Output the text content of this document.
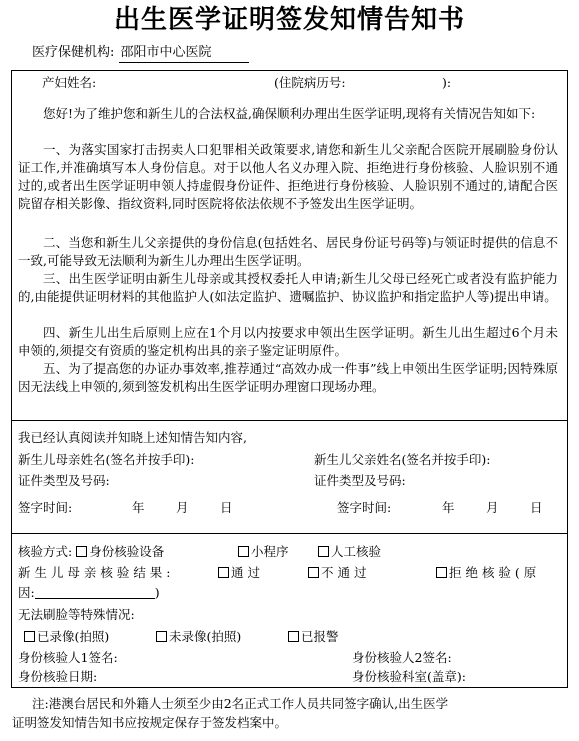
出生医学证明签发知情告知书
医疗保健机构: 邵阳市中心医院
产妇姓名:	(住院病历号:	):
您好!为了维护您和新生儿的合法权益,确保顺利办理出生医学证明,现将有关情况告知如下:
一、为落实国家打击拐卖人口犯罪相关政策要求,请您和新生儿父亲配合医院开展刷脸身份认证工作,并准确填写本人身份信息。对于以他人名义办理入院、拒绝进行身份核验、人脸识别不通过的,或者出生医学证明申领人持虚假身份证件、拒绝进行身份核验、人脸识别不通过的,请配合医院留存相关影像、指纹资料,同时医院将依法依规不予签发出生医学证明。
二、当您和新生儿父亲提供的身份信息(包括姓名、居民身份证号码等)与领证时提供的信息不一致,可能导致无法顺利为新生儿办理出生医学证明。
三、出生医学证明由新生儿母亲或其授权委托人申请;新生儿父母已经死亡或者没有监护能力的,由能提供证明材料的其他监护人(如法定监护、遗嘱监护、协议监护和指定监护人等)提出申请。
四、新生儿出生后原则上应在1个月以内按要求申领出生医学证明。新生儿出生超过6个月未申领的,须提交有资质的鉴定机构出具的亲子鉴定证明原件。
五、为了提高您的办证办事效率,推荐通过“高效办成一件事”线上申领出生医学证明;因特殊原因无法线上申领的,须到签发机构出生医学证明办理窗口现场办理。
我已经认真阅读并知晓上述知情告知内容,
新生儿母亲姓名(签名并按手印):	新生儿父亲姓名(签名并按手印):
证件类型及号码:	证件类型及号码:
签字时间:	年	月	日	签字时间:	年	月	日
核验方式: 身份核验设备	小程序	人工核验
新 生 儿 母 亲 核 验 结 果 :	通 过	不 通 过	拒 绝 核 验 ( 原
因:	)
无法刷脸等特殊情况:
已录像(拍照)	未录像(拍照)	已报警
身份核验人1签名:	身份核验人2签名:
身份核验日期:	身份核验科室(盖章):
注:港澳台居民和外籍人士须至少由2名正式工作人员共同签字确认,出生医学
证明签发知情告知书应按规定保存于签发档案中。
